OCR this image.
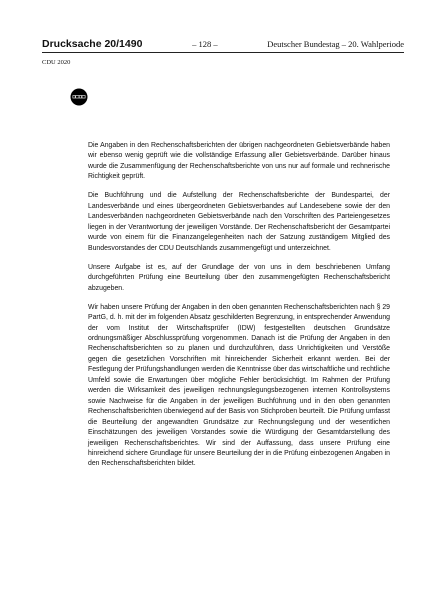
Drucksache 20/1490	– 128 –	Deutscher Bundestag – 20. Wahlperiode
CDU 2020

Die Angaben in den Rechenschaftsberichten der übrigen nachgeordneten Gebietsverbände haben wir ebenso wenig geprüft wie die vollständige Erfassung aller Gebietsverbände. Darüber hinaus wurde die Zusammenfügung der Rechenschaftsberichte von uns nur auf formale und rechnerische Richtigkeit geprüft.

Die Buchführung und die Aufstellung der Rechenschaftsberichte der Bundespartei, der Landesverbände und eines übergeordneten Gebietsverbandes auf Landesebene sowie der den Landesverbänden nachgeordneten Gebietsverbände nach den Vorschriften des Parteiengesetzes liegen in der Verantwortung der jeweiligen Vorstände. Der Rechenschaftsbericht der Gesamtpartei wurde von einem für die Finanzangelegenheiten nach der Satzung zuständigem Mitglied des Bundesvorstandes der CDU Deutschlands zusammengefügt und unterzeichnet.

Unsere Aufgabe ist es, auf der Grundlage der von uns in dem beschriebenen Umfang durchgeführten Prüfung eine Beurteilung über den zusammengefügten Rechenschaftsbericht abzugeben.

Wir haben unsere Prüfung der Angaben in den oben genannten Rechenschaftsberichten nach § 29 PartG, d. h. mit der im folgenden Absatz geschilderten Begrenzung, in entsprechender Anwendung der vom Institut der Wirtschaftsprüfer (IDW) festgestellten deutschen Grundsätze ordnungsmäßiger Abschlussprüfung vorgenommen. Danach ist die Prüfung der Angaben in den Rechenschaftsberichten so zu planen und durchzuführen, dass Unrichtigkeiten und Verstöße gegen die gesetzlichen Vorschriften mit hinreichender Sicherheit erkannt werden. Bei der Festlegung der Prüfungshandlungen werden die Kenntnisse über das wirtschaftliche und rechtliche Umfeld sowie die Erwartungen über mögliche Fehler berücksichtigt. Im Rahmen der Prüfung werden die Wirksamkeit des jeweiligen rechnungslegungsbezogenen internen Kontrollsystems sowie Nachweise für die Angaben in der jeweiligen Buchführung und in den oben genannten Rechenschaftsberichten überwiegend auf der Basis von Stichproben beurteilt. Die Prüfung umfasst die Beurteilung der angewandten Grundsätze zur Rechnungslegung und der wesentlichen Einschätzungen des jeweiligen Vorstandes sowie die Würdigung der Gesamtdarstellung des jeweiligen Rechenschaftsberichtes. Wir sind der Auffassung, dass unsere Prüfung eine hinreichend sichere Grundlage für unsere Beurteilung der in die Prüfung einbezogenen Angaben in den Rechenschaftsberichten bildet.
